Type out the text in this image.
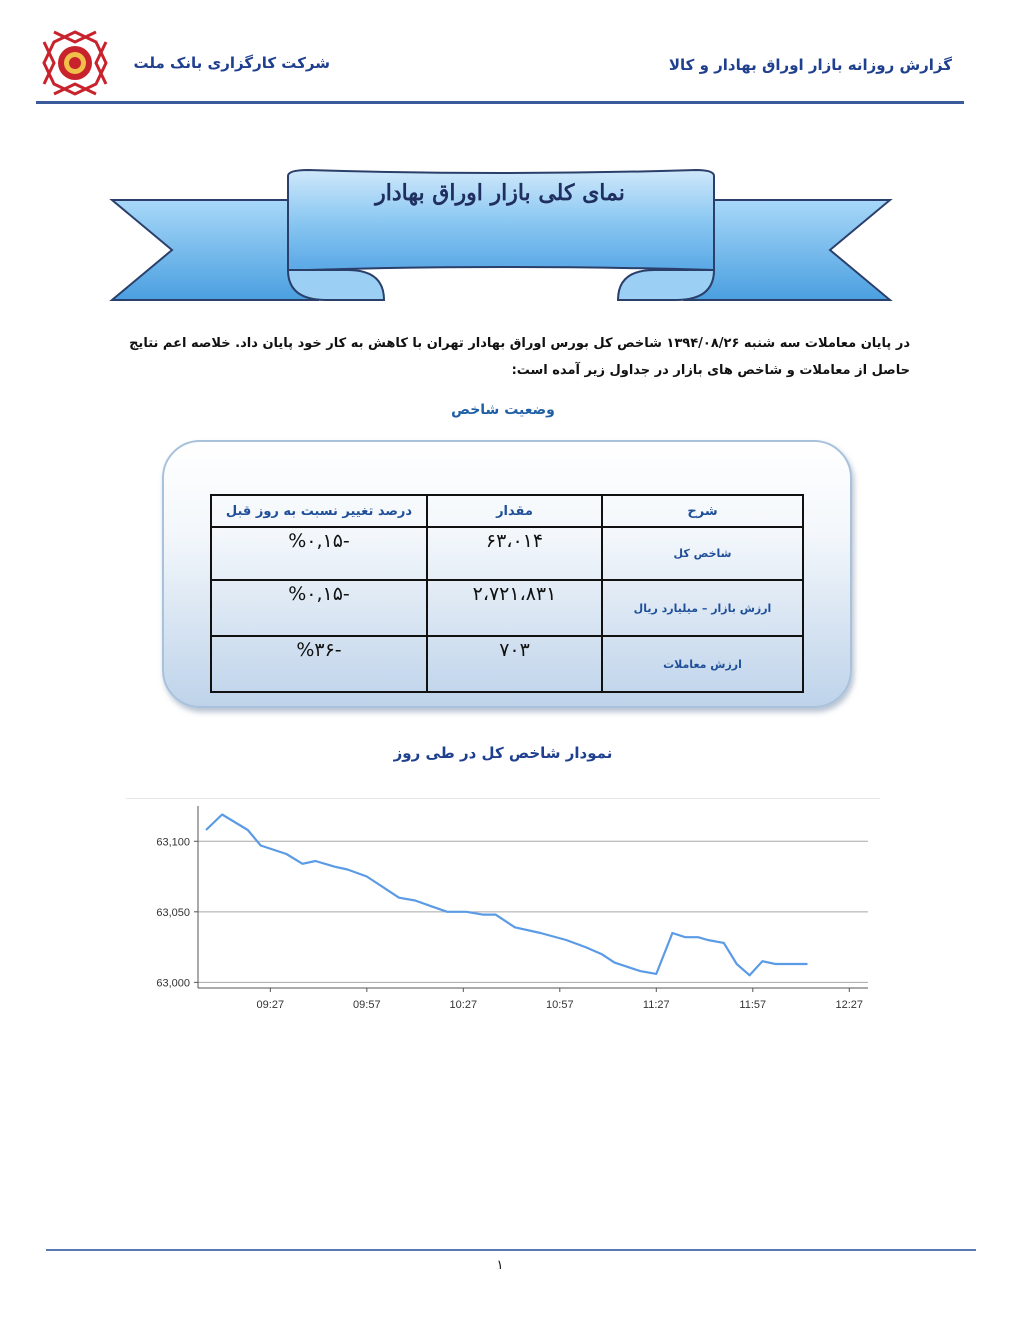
گزارش روزانه بازار اوراق بهادار و کالا
شرکت کارگزاری بانک ملت
نمای کلی بازار اوراق بهادار
در پایان معاملات سه شنبه ۱۳۹۴/۰۸/۲۶ شاخص کل بورس اوراق بهادار تهران با کاهش به کار خود پایان داد. خلاصه اعم نتایج
حاصل از معاملات و شاخص های بازار در جداول زیر آمده است:
وضعیت شاخص
شرح	مقدار	درصد تغییر نسبت به روز قبل
شاخص کل	۶۳،۰۱۴	-%۰,۱۵
ارزش بازار – میلیارد ریال	۲،۷۲۱،۸۳۱	-%۰,۱۵
ارزش معاملات	۷۰۳	-%۳۶
نمودار شاخص کل در طی روز
63,000
63,050
63,100
09:27	09:57	10:27	10:57	11:27	11:57	12:27
۱
